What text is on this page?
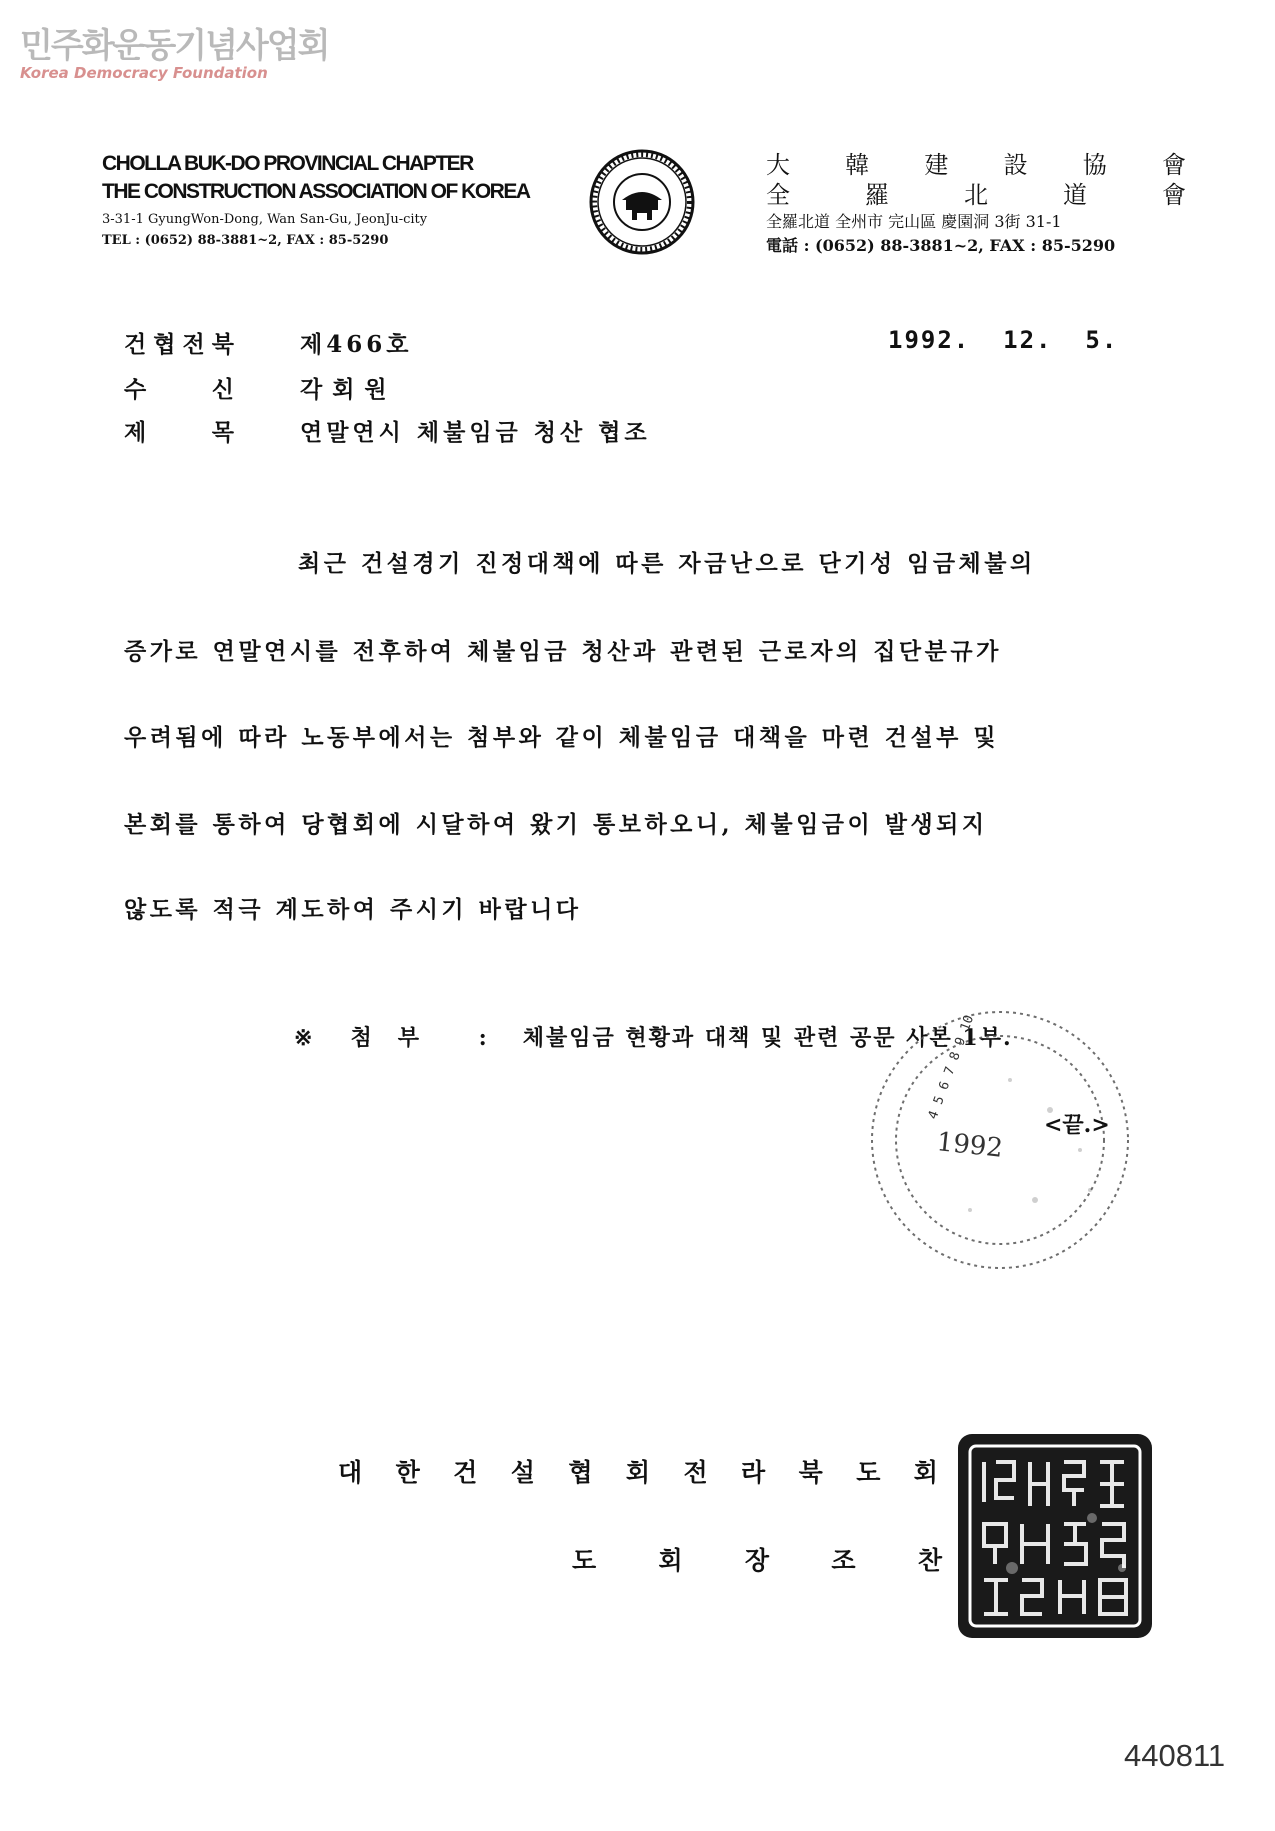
민주화운동기념사업회
Korea Democracy Foundation
CHOLLA BUK-DO PROVINCIAL CHAPTER
THE CONSTRUCTION ASSOCIATION OF KOREA
3-31-1 GyungWon-Dong, Wan San-Gu, JeonJu-city
TEL : (0652) 88-3881~2, FAX : 85-5290
大 韓 建 設 協 會
全	羅	北	道	會
全羅北道 全州市 完山區 慶園洞 3街 31-1
電話 : (0652) 88-3881~2, FAX : 85-5290
건 협 전 북	제466호	1992.  12.  5.
수	신	각회원
제	목	연말연시 체불임금 청산 협조
최근 건설경기 진정대책에 따른 자금난으로 단기성 임금체불의
증가로 연말연시를 전후하여 체불임금 청산과 관련된 근로자의 집단분규가
우려됨에 따라 노동부에서는 첨부와 같이 체불임금 대책을 마련 건설부 및
본회를 통하여 당협회에 시달하여 왔기 통보하오니, 체불임금이 발생되지
않도록 적극 계도하여 주시기 바랍니다
※ 첨부 : 체불임금 현황과 대책 및 관련 공문 사본 1부.
4 5 6 7 8 9 10
1992
<끝.>
대 한 건 설 협 회 전 라 북 도 회
도 회 장 조 찬
440811
